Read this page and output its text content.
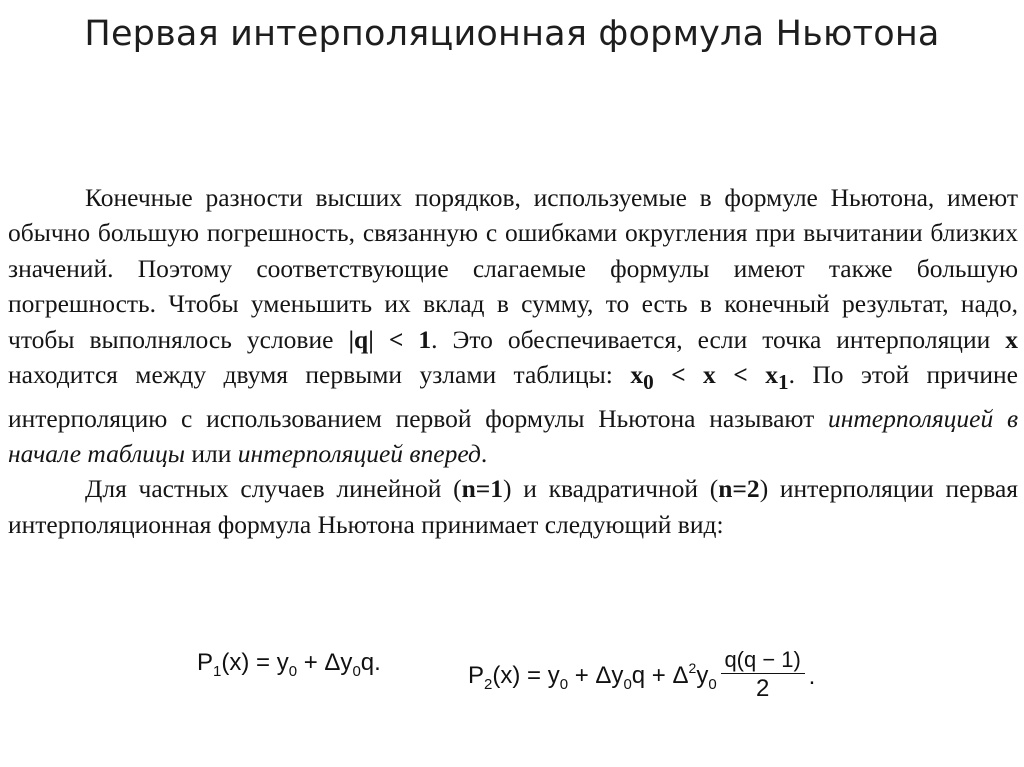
Первая интерполяционная формула Ньютона

Конечные разности высших порядков, используемые в формуле Ньютона, имеют обычно большую погрешность, связанную с ошибками округления при вычитании близких значений. Поэтому соответствующие слагаемые формулы имеют также большую погрешность. Чтобы уменьшить их вклад в сумму, то есть в конечный результат, надо, чтобы выполнялось условие |q| < 1. Это обеспечивается, если точка интерполяции x находится между двумя первыми узлами таблицы: $x_0 < x < x_1$. По этой причине интерполяцию с использованием первой формулы Ньютона называют интерполяцией в начале таблицы или интерполяцией вперед.

Для частных случаев линейной (n=1) и квадратичной (n=2) интерполяции первая интерполяционная формула Ньютона принимает следующий вид:

$P_1(x) = y_0 + \Delta y_0q$.	$P_2(x) = y_0 + \Delta y_0q + \Delta^2y_0 \frac{q(q - 1)}{2}$ .
